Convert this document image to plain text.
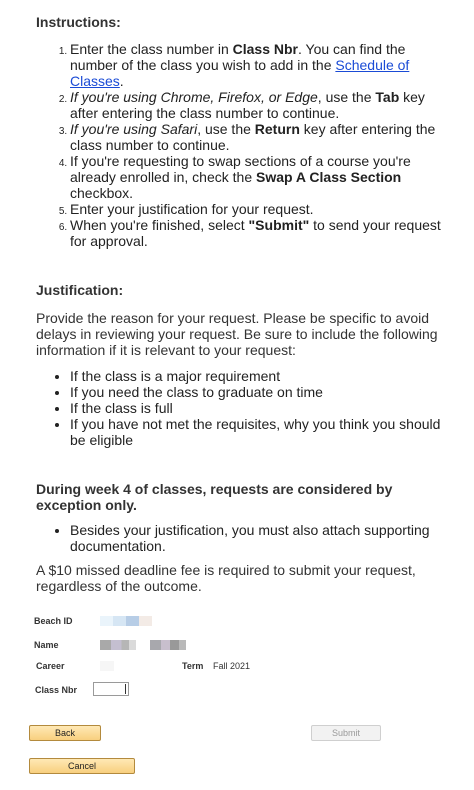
Instructions:
1. Enter the class number in Class Nbr. You can find the number of the class you wish to add in the Schedule of Classes.
2. If you're using Chrome, Firefox, or Edge, use the Tab key after entering the class number to continue.
3. If you're using Safari, use the Return key after entering the class number to continue.
4. If you're requesting to swap sections of a course you're already enrolled in, check the Swap A Class Section checkbox.
5. Enter your justification for your request.
6. When you're finished, select "Submit" to send your request for approval.
Justification:

Provide the reason for your request. Please be specific to avoid delays in reviewing your request. Be sure to include the following information if it is relevant to your request:

• If the class is a major requirement
• If you need the class to graduate on time
• If the class is full
• If you have not met the requisites, why you think you should be eligible
During week 4 of classes, requests are considered by exception only.
• Besides your justification, you must also attach supporting documentation.

A $10 missed deadline fee is required to submit your request, regardless of the outcome.

Beach ID
Name
Career	Term Fall 2021
Class Nbr
Back	Submit
Cancel
